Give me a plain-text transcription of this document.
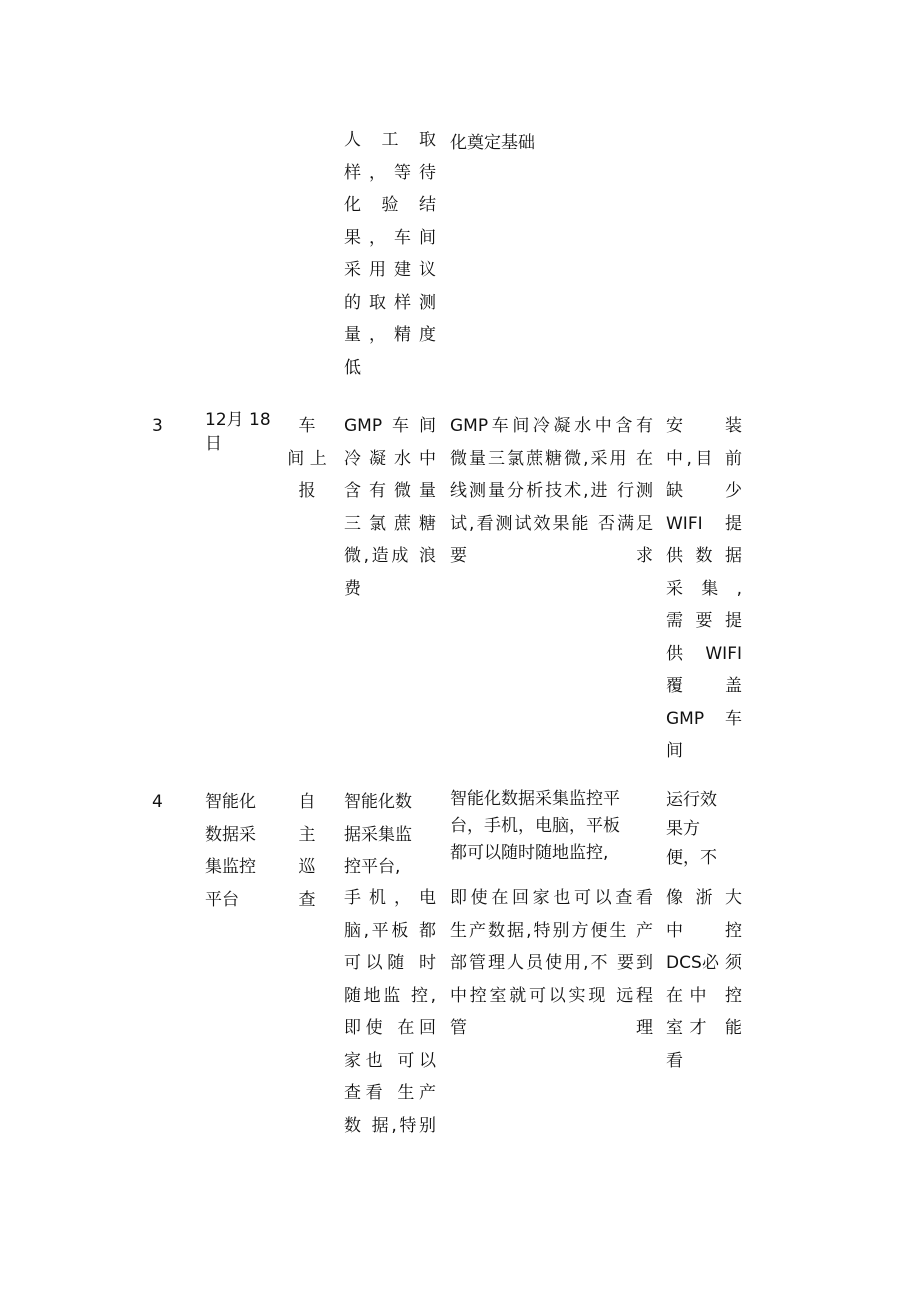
人工取
样，等待
化验结
果，车间
采用建议
的取样测
量，精度
低

化奠定基础

3	12月 18
日

车
间 上
报

GMP车间
冷凝水中
含有微量
三氯蔗糖
微,造成 浪
费

GMP车间冷凝水中含有
微量三氯蔗糖微,采用 在
线测量分析技术,进 行测
试,看测试效果能 否满足
要求

安装
中,目 前
缺少
WIFI 提
供数据
采集,
需要提
供 WIFI
覆盖
GMP车
间

4	智能化
数据采
集监控
平台

自
主
巡
查

智能化数
据采集监
控平台,

手机，电
脑,平板 都
可以随 时
随地监 控,
即使 在回
家也 可以
查看 生产
数 据,特别

智能化数据采集监控平
台，手机，电脑，平板
都可以随时随地监控,

即使在回家也可以查看
生产数据,特别方便生 产
部管理人员使用,不 要到
中控室就可以实现 远程
管理

运行效
果方
便，不

像浙大
中控
DCS必 须
在中 控
室才 能
看
